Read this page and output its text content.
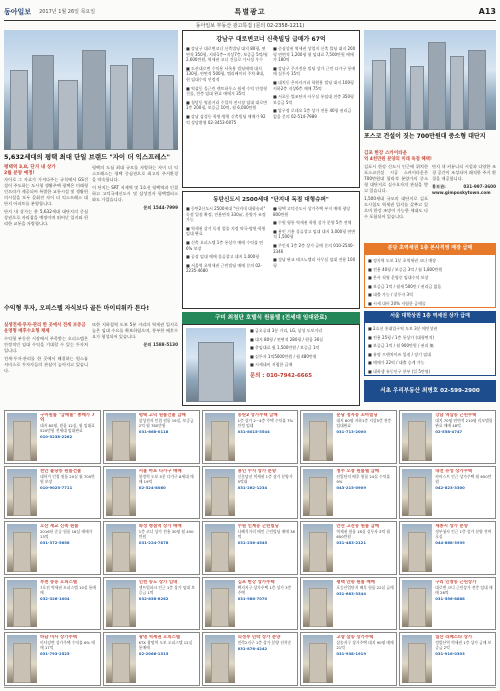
동아일보 2017년 1월 26일 목요일	특별광고	A13
동아일보 부동산 광고특집 (문의 02-2358-1211)
5,632세대의 평택 최대 단일 브랜드 "자이 더 익스프레스"
평택역 3,8, 단지 내 상가
2월 분양 예정!

자이로 그 자료가 가져다주는 규칙에서 GS건설이 주도하는 도시형 생활주택 평택은 미래형 인프라가 제공되어 특별한 교통시설 및 생활편의시설을 모두 갖춰진 자이 더 익스프레스 대단지 아파트를 분양합니다.

단지 내 상가는 총 5,632세대 대단지의 중심상권으로 자리잡을 예정이며 뛰어난 입지와 편리한 교통을 자랑합니다.

평택의 도심 최대 규모를 자랑하는 자이 더 익스프레스는 평택 중심권으로 최고의 주거환경을 약속합니다.

이 단지는 SRT 지제역 및 1호선 평택역과 인접하고 고덕국제신도시 및 삼성전자 평택캠퍼스와도 가깝습니다.

문의 1544-7999

수익형 투자, 오피스텔 자식보다 골든 마이티워카 튼다!
실생전세·투자·관리 한 곳에서 전세 보증금
운영형 배후수요형 체제

수익형 부동산 시장에서 주목받는 오피스텔은 안정적인 임대 수익을 기대할 수 있는 투자처입니다.

전세·투자·관리를 한 곳에서 해결하는 원스톱 서비스로 투자자들의 관심이 높아지고 있습니다.

또한 지하철역 도보 5분 거리의 역세권 입지로 높은 임대 수요를 확보하였으며, 풍부한 배후수요가 형성되어 있습니다.

문의 1588-5130

강남구 대로변코너 신축빌딩 급매가 67억
■ 강남구 대로변코너 신축빌딩 대지 80평, 연면적 350평, 지하1층~지상7층, 보증금 5억/월 2,600만원, 역세권 코너 건물로 가시성 우수
■ 도산대로변 수익용 사옥용 빌딩매매 대지 130평, 연면적 500평, 엘리베이터 주차 8대, 현 임대수익 안정적
■ 역삼동 올근린 렌트하우스 월세 수익 안정형 건물, 전층 임대 완료 매매가 35억
■ 청담동 명품거리 수입차 전시장 임대 대로변 1층 200평, 보증금 10억, 월 6,000만원
■ 강남 삼성동 학원·병원 신축빌딩 매매가 92억 상담환영 02-3453-0075
■ 중심상권 역세권 상업지 신축 빌딩 대지 200평 연면적 1,200평 월 임대료 7,500만원 매매가 180억
■ 강남구 주거전용 빌딩 상가 근린 다가구 통매매 실투자 15억
■ 대치동 은마사거리 학원용 빌딩 대지 100평 지하2층 지상6층 매매 75억
■ 서초동 법조단지 사무실 통임대 전층 350평 보증금 5억
■ 압구정 로데오 1층 상가 전용 40평 권리금 없음 문의 02-514-7989
동탄신도시 2500세대 "단지내 독점 대형슈퍼"
■ 동탄2신도시 2500세대 "단지내 대형슈퍼" 독점 입점 확정, 전용면적 330㎡, 분양가 조정 가능
■ 역세권 상가 독점 업종 지정 약국·병원·학원 임대 완료
■ 신축 오피스텔 1층 통상가 매매 수익률 연 6% 보장
■ 공장 임대 매매 물류창고 대지 1,000평
■ 서울역 초역세권 근린빌딩 매매 문의 02-2235-4680
■ 평택 고덕신도시 상가주택 부지 매매 평당 800만원
■ 수원 영통 역세권 학원 상가 분양 5층 전체
■ 용인 기흥 물류창고 임대 대지 3,000평 연면적 1,500평
■ 주인직 1층 2층 상가 급매 문의 010-2540-3346
■ 성남 판교 테크노밸리 사무실 임대 전용 100평
구미 최첨단 호텔식 원룸텔 (전세대 임대완료)
■ 금오공대 3분 거리, LG, 삼성 도보거리
■ 대지 80평 / 연면적 280평 / 원룸 30실
■ 총임대료 월 1,500만원 / 보증금 1억
■ 실투자 1억5000만원 / 월 480만원
■ 시세대비 저렴한 급매
문의 : 010-7942-6665
포스코 건설이 짓는 700만원대 중소형 대단지
김포 한강 스카이타운
억 4천만원 분양의 미래 독점 혜택!

김포시 한강 신도시 인근에 위치한 포스코건설 시공 스카이타운은 700만원대 합리적 분양가의 중소형 대단지로 실수요자의 관심을 받고 있습니다.

1,500세대 규모의 대단지로 김포 도시철도 역세권 입지를 갖추고 있으며 한강 조망이 가능한 세대도 다수 포함되어 있습니다.

단지 내 커뮤니티 시설과 다양한 조경 공간이 조성되어 쾌적한 주거 환경을 제공합니다.

홍보관: 031-997-3600 www.gimposkytown.com

분당 초역세권 1층 본사직영 매장 급매
■ 정자역 도보 1분 초역세권 코너 매장
■ 전용 40평 / 보증금 3억 / 월 1,800만원
■ 본사 직영 운영중 임대수익 보장
■ 보증금 1억 / 월세 500만 / 권리금 없음
■ 대출 가능 / 실투자 3억
■ 시세 대비 20% 저렴한 급매물
서울 대학상권 1층 역세권 상가 급매
■ 2호선 홍대입구역 도보 3분 메인상권
■ 전용 25평 / 1층 통상가 (대형면적)
■ 보증금 1억 / 월 900만원 / 권리 無
■ 유명 프랜차이즈 입점 / 장기 임대
■ 매매가 22억 / 대출 승계 가능
■ 대학생 유동인구 풍부 (일 5만명)
서초 우리부동산 최병호 02-599-2900
구미원룸 "급매물" 총매가 7억
대지 80평, 원룸 12실, 월 임대료 520만원 전세대 임대완료
010-5238-2262
평택 고덕 원룸건물 급매
삼성전자 인접 원룸 19실, 보증금 2억 월 780만원
031-668-0118
동탄2 상가주택 급매
1층 상가 2~4층 주택 수익률 7% 안정 임대
031-8015-5544
분당 정자동 꼬마빌딩
대지 60평 지하1층 지상5층 전층 임대완료
031-713-2000
강남 역삼동 근린주택
대지 70평 연면적 210평 리모델링 완료 매매 48억
02-558-4747
천안 불당동 원룸건물
대학가 인접 원룸 20실 월 700만원 보장
010-9025-7711
서울 마포 다가구 매매
합정역 도보 5분 다가구 8세대 매매 19억
02-324-8080
용인 수지 상가 분양
신분당선 역세권 1층 상가 분양가 5억대
031-262-1234
청주 오창 원룸텔 급매
산업단지 배후 원룸 24실 수익률 9%
043-215-0909
대전 유성 상가주택
카이스트 인근 상가주택 월 650만원
042-823-3300
오산 세교 신축 원룸
2016년 준공 원룸 16실 매매가 13억
031-372-5656
화성 병점역 상가 매매
1층 코너 상가 전용 30평 월 450만원
031-224-7878
수원 인계동 근린빌딩
나혜석거리 메인 근린빌딩 매매 38억
031-236-4545
안산 고잔동 원룸 급매
역세권 원룸 18실 실투자 3억 월 600만원
031-483-2121
세종시 상가 분양
정부청사 인근 1층 상가 분양 잔여 호실
044-868-3939
부천 중동 오피스텔
7호선 역세권 오피스텔 10실 통매매
032-326-1004
인천 송도 상가 임대
센트럴파크 인근 1층 상가 임대 보증금 1억
032-858-6262
김포 한강 상가주택
택지지구 상가주택 1층 상가 3층 주택
031-988-7070
평택 안중 원룸 매매
포승산업단지 배후 원룸 22실 급매
031-683-3344
구리 인창동 근린상가
대로변 코너 근린상가 전층 임대 매매 26억
031-556-8888
하남 미사 상가주택
미사강변 상가주택 수익률 6% 매매 17억
031-793-2525
광명 역세권 오피스텔
KTX 광명역 도보 오피스텔 12실 통매매
02-2066-1515
의정부 민락 상가 분양
민락2지구 1층 상가 분양 선착순
031-876-4242
고양 삼송 상가주택
삼송지구 상가주택 대지 90평 매매 21억
031-938-1919
일산 라페스타 상가
정발산역 역세권 1층 상가 급매 보증금 2억
031-916-0303
